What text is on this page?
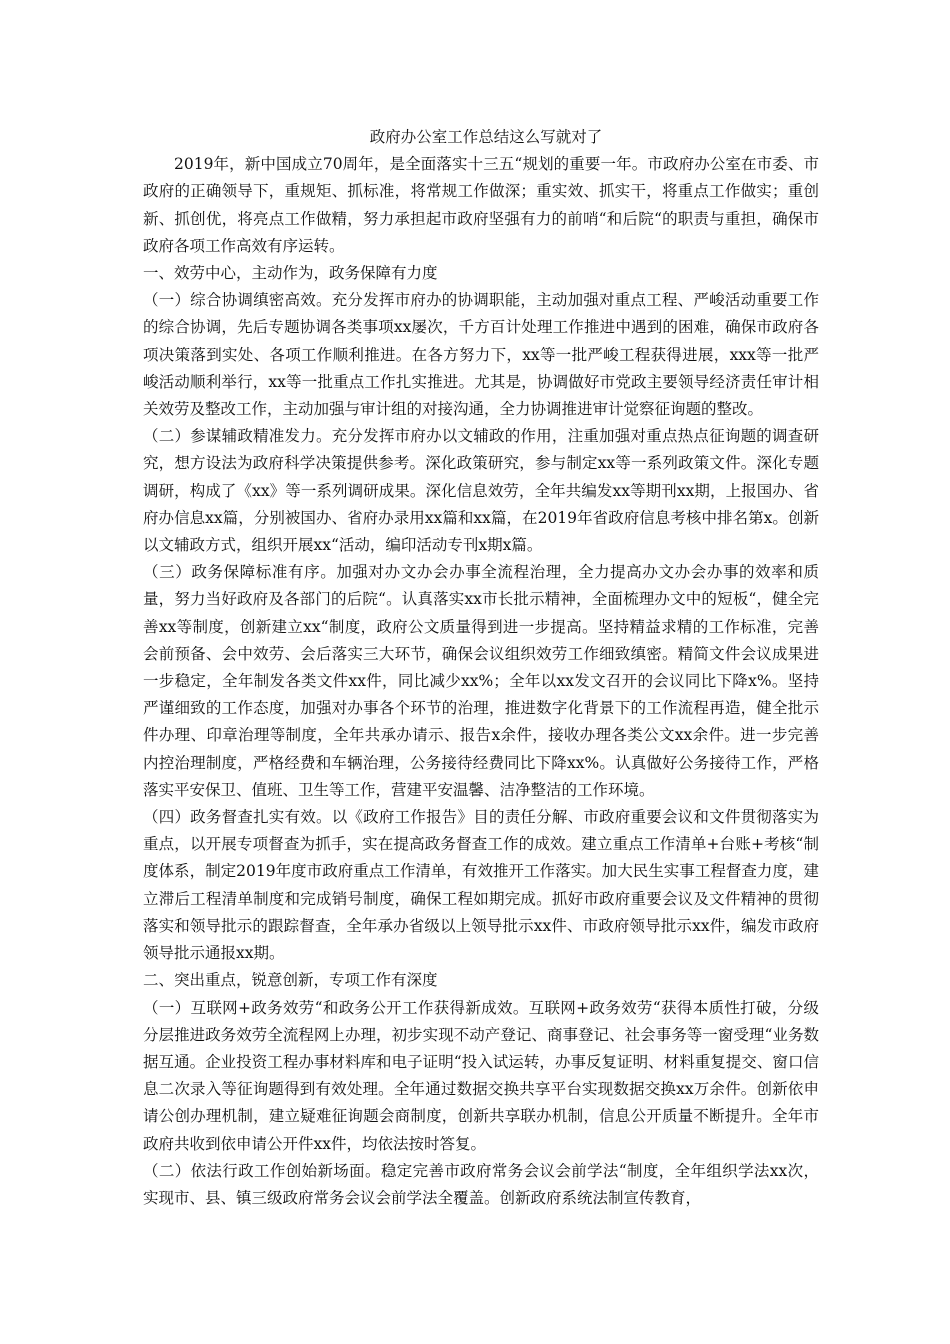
政府办公室工作总结这么写就对了

2019年，新中国成立70周年，是全面落实十三五“规划的重要一年。市政府办公室在市委、市政府的正确领导下，重规矩、抓标准，将常规工作做深；重实效、抓实干，将重点工作做实；重创新、抓创优，将亮点工作做精，努力承担起市政府坚强有力的前哨“和后院“的职责与重担，确保市政府各项工作高效有序运转。

一、效劳中心，主动作为，政务保障有力度

（一）综合协调缜密高效。充分发挥市府办的协调职能，主动加强对重点工程、严峻活动重要工作的综合协调，先后专题协调各类事项xx屡次，千方百计处理工作推进中遇到的困难，确保市政府各项决策落到实处、各项工作顺利推进。在各方努力下，xx等一批严峻工程获得进展，xxx等一批严峻活动顺利举行，xx等一批重点工作扎实推进。尤其是，协调做好市党政主要领导经济责任审计相关效劳及整改工作，主动加强与审计组的对接沟通，全力协调推进审计觉察征询题的整改。

（二）参谋辅政精准发力。充分发挥市府办以文辅政的作用，注重加强对重点热点征询题的调查研究，想方设法为政府科学决策提供参考。深化政策研究，参与制定xx等一系列政策文件。深化专题调研，构成了《xx》等一系列调研成果。深化信息效劳，全年共编发xx等期刊xx期，上报国办、省府办信息xx篇，分别被国办、省府办录用xx篇和xx篇，在2019年省政府信息考核中排名第x。创新以文辅政方式，组织开展xx“活动，编印活动专刊x期x篇。

（三）政务保障标准有序。加强对办文办会办事全流程治理，全力提高办文办会办事的效率和质量，努力当好政府及各部门的后院“。认真落实xx市长批示精神，全面梳理办文中的短板“，健全完善xx等制度，创新建立xx“制度，政府公文质量得到进一步提高。坚持精益求精的工作标准，完善会前预备、会中效劳、会后落实三大环节，确保会议组织效劳工作细致缜密。精简文件会议成果进一步稳定，全年制发各类文件xx件，同比减少xx%；全年以xx发文召开的会议同比下降x%。坚持严谨细致的工作态度，加强对办事各个环节的治理，推进数字化背景下的工作流程再造，健全批示件办理、印章治理等制度，全年共承办请示、报告x余件，接收办理各类公文xx余件。进一步完善内控治理制度，严格经费和车辆治理，公务接待经费同比下降xx%。认真做好公务接待工作，严格落实平安保卫、值班、卫生等工作，营建平安温馨、洁净整洁的工作环境。

（四）政务督查扎实有效。以《政府工作报告》目的责任分解、市政府重要会议和文件贯彻落实为重点，以开展专项督查为抓手，实在提高政务督查工作的成效。建立重点工作清单+台账+考核“制度体系，制定2019年度市政府重点工作清单，有效推开工作落实。加大民生实事工程督查力度，建立滞后工程清单制度和完成销号制度，确保工程如期完成。抓好市政府重要会议及文件精神的贯彻落实和领导批示的跟踪督查，全年承办省级以上领导批示xx件、市政府领导批示xx件，编发市政府领导批示通报xx期。

二、突出重点，锐意创新，专项工作有深度

（一）互联网+政务效劳“和政务公开工作获得新成效。互联网+政务效劳“获得本质性打破，分级分层推进政务效劳全流程网上办理，初步实现不动产登记、商事登记、社会事务等一窗受理“业务数据互通。企业投资工程办事材料库和电子证明“投入试运转，办事反复证明、材料重复提交、窗口信息二次录入等征询题得到有效处理。全年通过数据交换共享平台实现数据交换xx万余件。创新依申请公创办理机制，建立疑难征询题会商制度，创新共享联办机制，信息公开质量不断提升。全年市政府共收到依申请公开件xx件，均依法按时答复。

（二）依法行政工作创始新场面。稳定完善市政府常务会议会前学法“制度，全年组织学法xx次，实现市、县、镇三级政府常务会议会前学法全覆盖。创新政府系统法制宣传教育，
